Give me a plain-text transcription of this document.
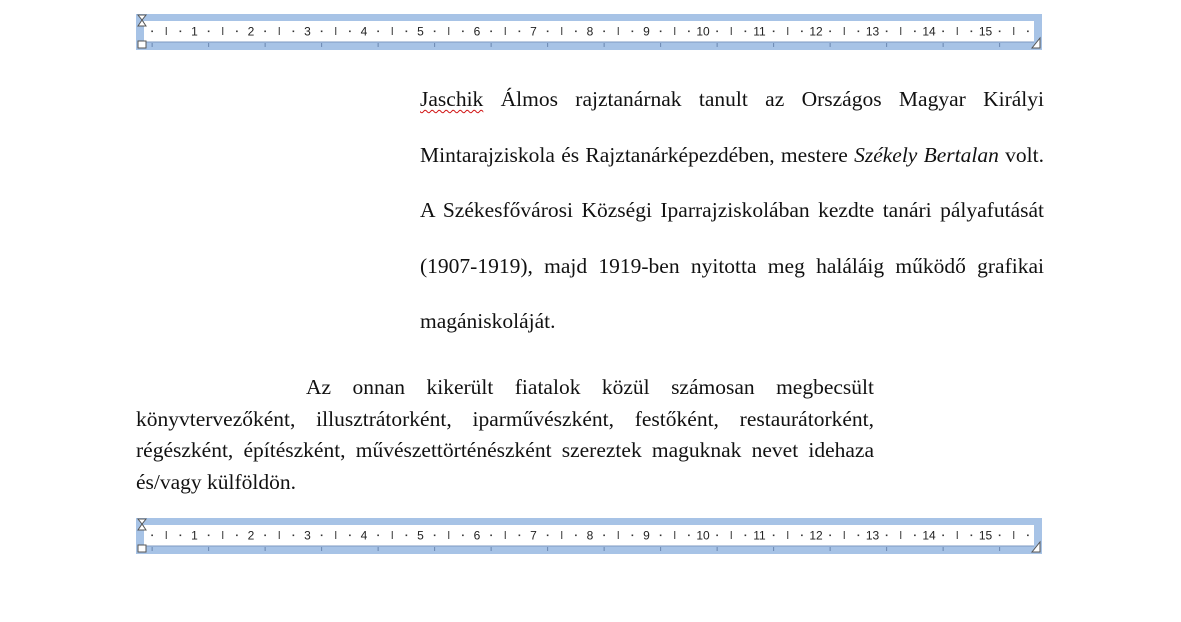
1	2	3	4	5	6	7	8	9	10	11	12	13	14	15
Jaschik Álmos rajztanárnak tanult az Országos Magyar Királyi Mintarajziskola és Rajztanárképezdében, mestere Székely Bertalan volt. A Székesfővárosi Községi Iparrajziskolában kezdte tanári pályafutását (1907-1919), majd 1919-ben nyitotta meg haláláig működő grafikai magániskoláját.
Az onnan kikerült fiatalok közül számosan megbecsült könyvtervezőként, illusztrátorként, iparművészként, festőként, restaurátorként, régészként, építészként, művészettörténészként szereztek maguknak nevet idehaza és/vagy külföldön.
1	2	3	4	5	6	7	8	9	10	11	12	13	14	15
